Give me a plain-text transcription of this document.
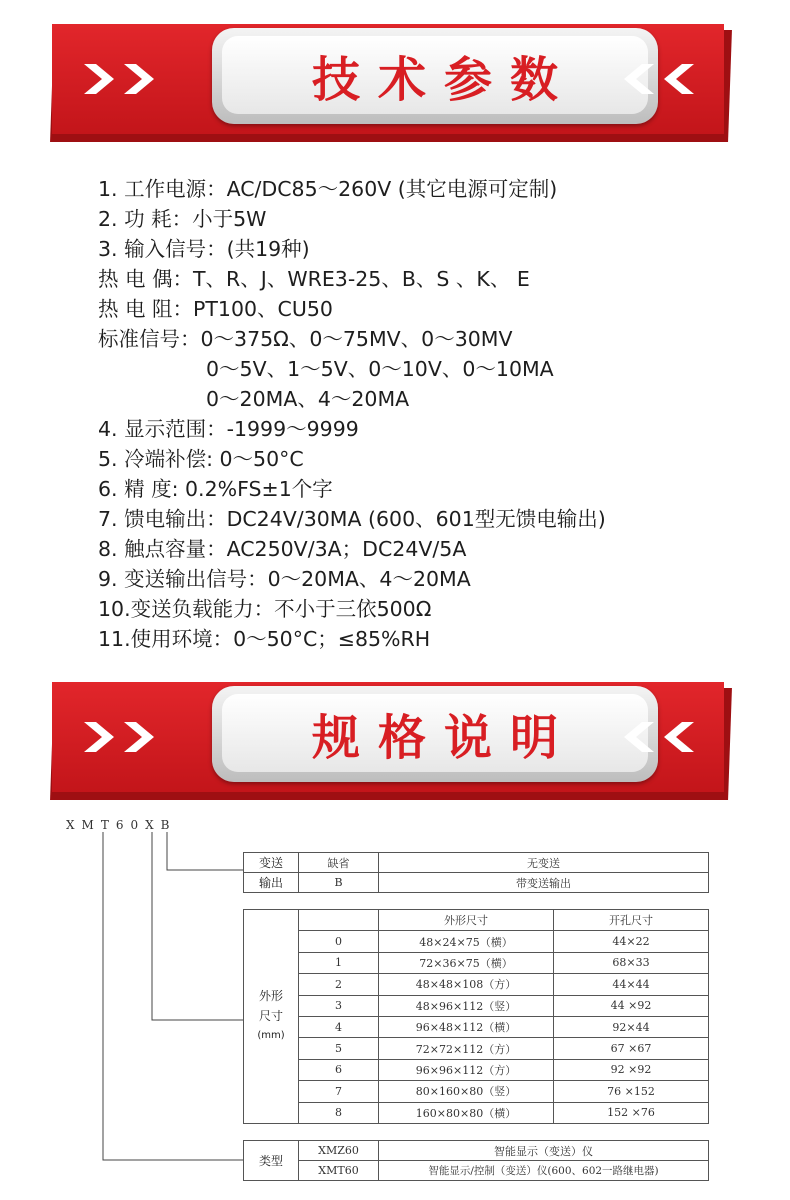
技术参数
1. 工作电源：AC/DC85～260V (其它电源可定制)
2. 功 耗：小于5W
3. 输入信号：(共19种)
热 电 偶：T、R、J、WRE3-25、B、S 、K、 E
热 电 阻：PT100、CU50
标准信号：0～375Ω、0～75MV、0～30MV
0～5V、1～5V、0～10V、0～10MA
0～20MA、4～20MA
4. 显示范围：-1999～9999
5. 冷端补偿: 0～50°C
6. 精 度: 0.2%FS±1个字
7. 馈电输出：DC24V/30MA (600、601型无馈电输出)
8. 触点容量：AC250V/3A；DC24V/5A
9. 变送输出信号：0～20MA、4～20MA
10.变送负载能力：不小于三依500Ω
11.使用环境：0～50°C；≤85%RH
规格说明
XMT60XB
变送	缺省	无变送
输出	B	带变送输出
外形
尺寸
(mm)		外形尺寸	开孔尺寸
	0	48×24×75（横）	44×22
	1	72×36×75（横）	68×33
	2	48×48×108（方）	44×44
	3	48×96×112（竖）	44 ×92
	4	96×48×112（横）	92×44
	5	72×72×112（方）	67 ×67
	6	96×96×112（方）	92 ×92
	7	80×160×80（竖）	76 ×152
	8	160×80×80（横）	152 ×76
类型	XMZ60	智能显示（变送）仪
	XMT60	智能显示/控制（变送）仪(600、602一路继电器)
